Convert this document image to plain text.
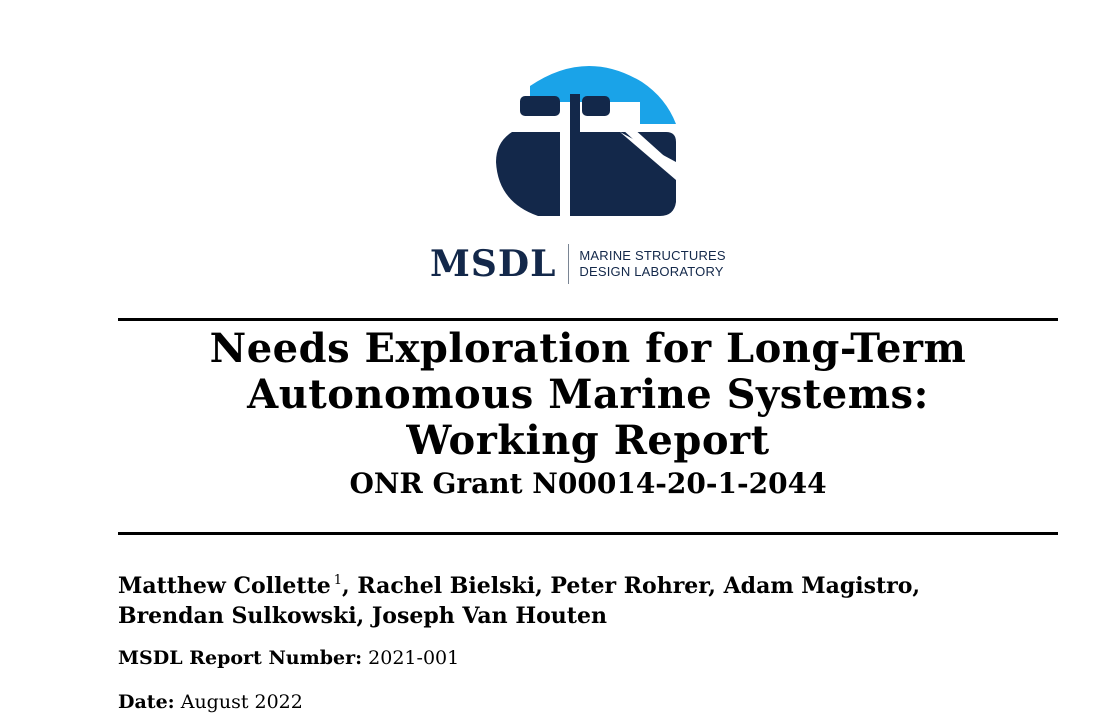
MSDL MARINE STRUCTURES
DESIGN LABORATORY
Needs Exploration for Long-Term
Autonomous Marine Systems:
Working Report
ONR Grant N00014-20-1-2044
Matthew Collette $^1$, Rachel Bielski, Peter Rohrer, Adam Magistro,
Brendan Sulkowski, Joseph Van Houten
MSDL Report Number: 2021-001
Date: August 2022
